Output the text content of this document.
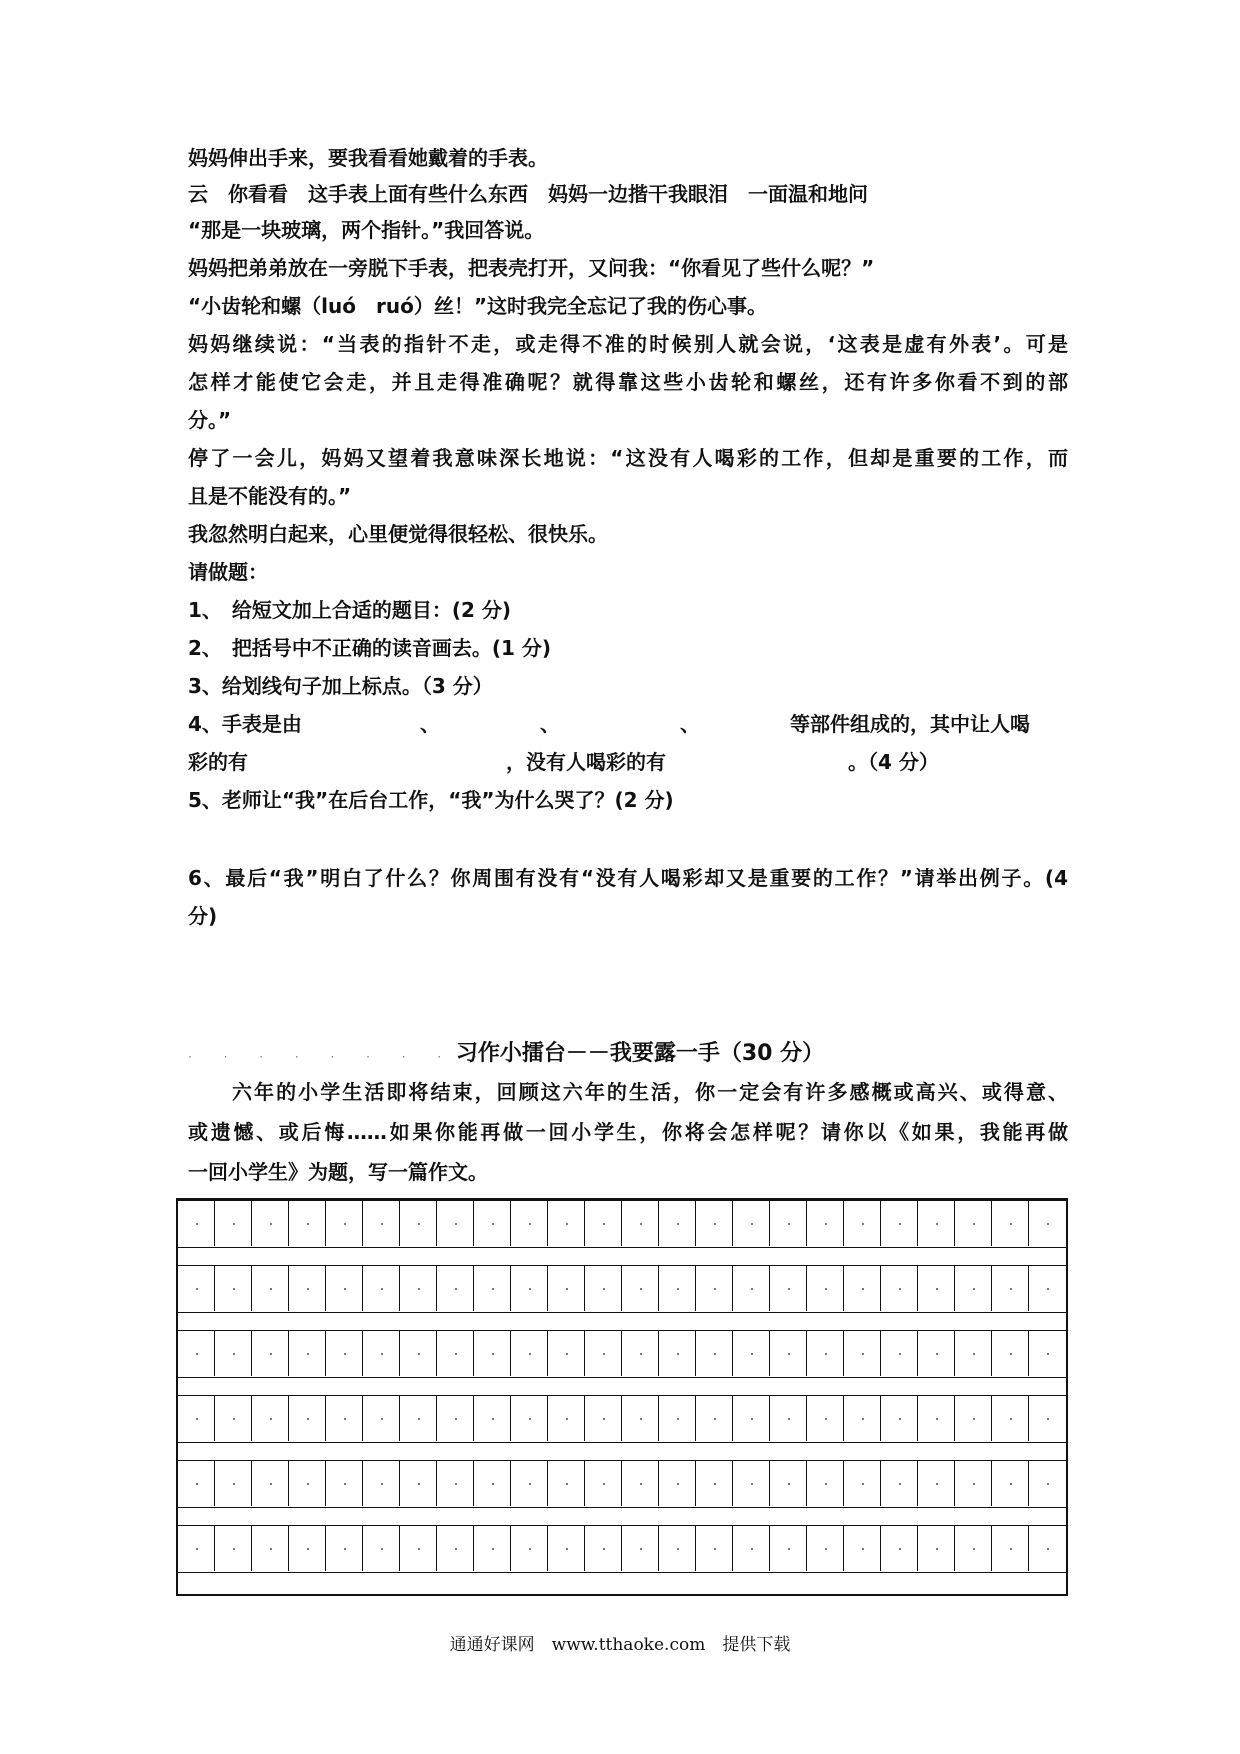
妈妈伸出手来，要我看看她戴着的手表。
云　你看看　这手表上面有些什么东西　妈妈一边揩干我眼泪　一面温和地问
“那是一块玻璃，两个指针。”我回答说。
妈妈把弟弟放在一旁脱下手表，把表壳打开，又问我：“你看见了些什么呢？”
“小齿轮和螺（luó　ruó）丝！”这时我完全忘记了我的伤心事。
妈妈继续说：“当表的指针不走，或走得不准的时候别人就会说，‘这表是虚有外表’。可是
怎样才能使它会走，并且走得准确呢？就得靠这些小齿轮和螺丝，还有许多你看不到的部
分。”
停了一会儿，妈妈又望着我意味深长地说：“这没有人喝彩的工作，但却是重要的工作，而
且是不能没有的。”
我忽然明白起来，心里便觉得很轻松、很快乐。
请做题：
1、　给短文加上合适的题目：(2 分)
2、　把括号中不正确的读音画去。(1 分)
3、给划线句子加上标点。（3 分）
4、手表是由	、	、	、	等部件组成的，其中让人喝
彩的有	，没有人喝彩的有	。（4 分）
5、老师让“我”在后台工作，“我”为什么哭了？(2 分)
6、最后“我”明白了什么？你周围有没有“没有人喝彩却又是重要的工作？”请举出例子。(4
分)
· · · · · · · · ·
习作小擂台－－我要露一手（30 分）
六年的小学生活即将结束，回顾这六年的生活，你一定会有许多感概或高兴、或得意、
或遗憾、或后悔……如果你能再做一回小学生，你将会怎样呢？请你以《如果，我能再做
一回小学生》为题，写一篇作文。
通通好课网　www.tthaoke.com　提供下载
